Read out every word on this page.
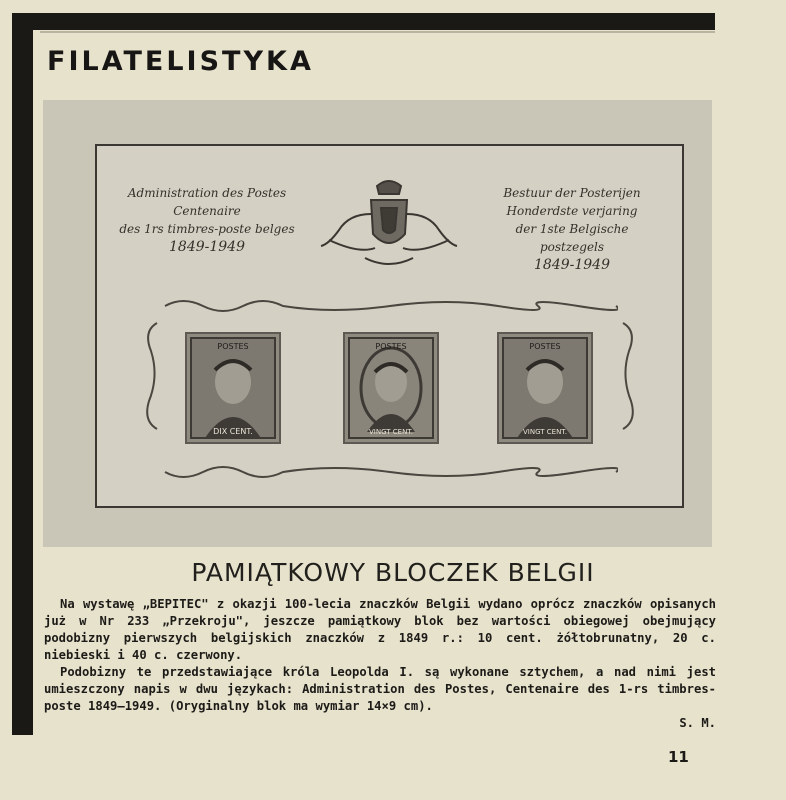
FILATELISTYKA
Administration des Postes
Centenaire
des 1rs timbres-poste belges
1849-1949
Bestuur der Posterijen
Honderdste verjaring
der 1ste Belgische postzegels
1849-1949
POSTES
DIX CENT.
POSTES
VINGT CENT.
POSTES
VINGT CENT.
PAMIĄTKOWY BLOCZEK BELGII

Na wystawę „BEPITEC" z okazji 100-lecia znaczków Belgii wydano oprócz znaczków opisanych już w Nr 233 „Przekroju", jeszcze pamiątkowy blok bez wartości obiegowej obejmujący podobizny pierwszych belgijskich znaczków z 1849 r.: 10 cent. żółtobrunatny, 20 c. niebieski i 40 c. czerwony.

Podobizny te przedstawiające króla Leopolda I. są wykonane sztychem, a nad nimi jest umieszczony napis w dwu językach: Administration des Postes, Centenaire des 1-rs timbres-poste 1849—1949. (Oryginalny blok ma wymiar 14×9 cm).

S. M.
11
